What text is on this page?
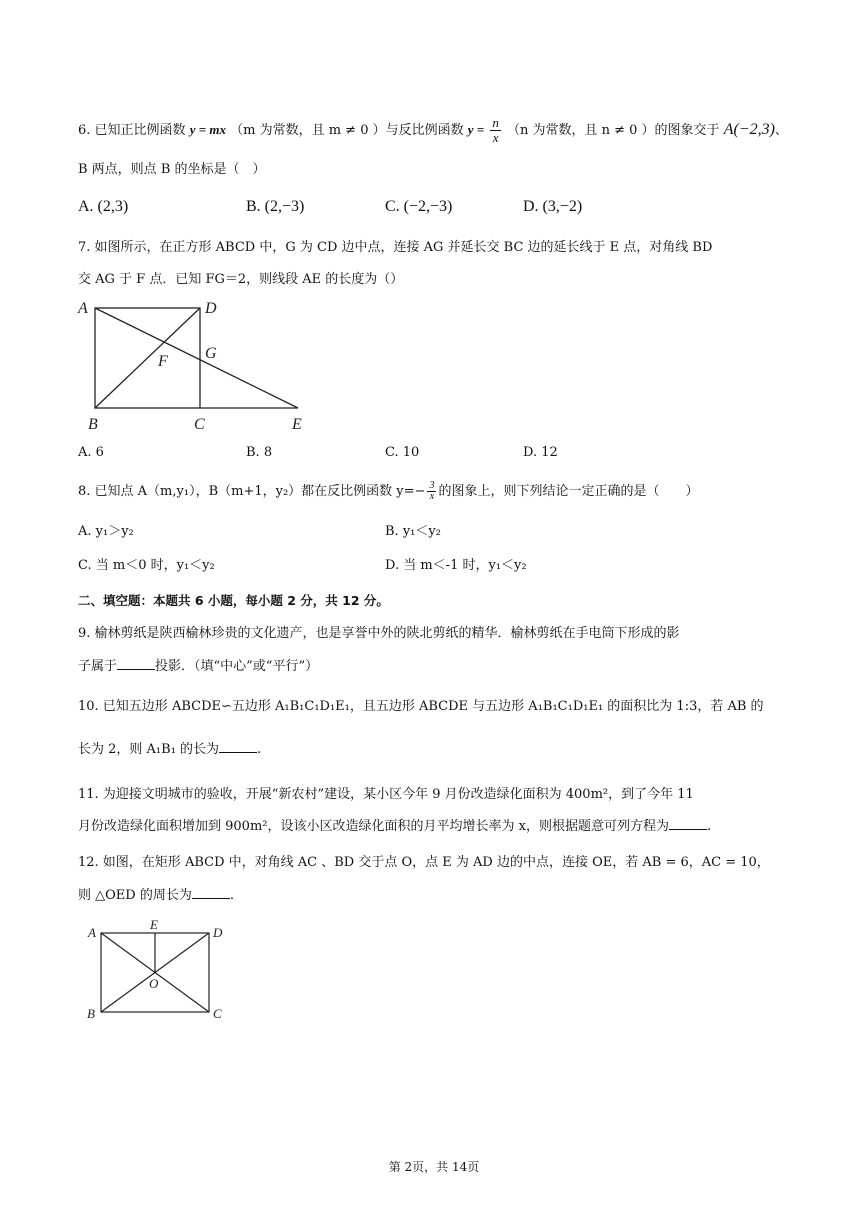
6. 已知正比例函数 y = mx （m 为常数，且 m ≠ 0 ）与反比例函数 $y = \frac{n}{x} (n$ 为常数，且 n ≠ 0 ）的图象交于 A(−2,3)、
B 两点，则点 B 的坐标是（　）
A. (2,3)	B. (2,−3)	C. (−2,−3)	D. (3,−2)
7. 如图所示，在正方形 ABCD 中，G 为 CD 边中点，连接 AG 并延长交 BC 边的延长线于 E 点，对角线 BD
交 AG 于 F 点．已知 FG＝2，则线段 AE 的长度为（）
A	D
F G
B	C	E
A. 6	B. 8	C. 10	D. 12
8. 已知点 A（m,y₁），B（m+1，y₂）都在反比例函数 $y=- \frac{3}{x}$ 的图象上，则下列结论一定正确的是（　　）
A. y₁＞y₂	B. y₁＜y₂
C. 当 m＜0 时，y₁＜y₂	D. 当 m＜-1 时，y₁＜y₂
二、填空题：本题共 6 小题，每小题 2 分，共 12 分。
9. 榆林剪纸是陕西榆林珍贵的文化遗产，也是享誉中外的陕北剪纸的精华．榆林剪纸在手电筒下形成的影
子属于	投影．（填“中心”或“平行”）
10. 已知五边形 ABCDE∽五边形 A₁B₁C₁D₁E₁，且五边形 ABCDE 与五边形 A₁B₁C₁D₁E₁ 的面积比为 1:3，若 AB 的
长为 2，则 A₁B₁ 的长为	.
11. 为迎接文明城市的验收，开展“新农村”建设，某小区今年 9 月份改造绿化面积为 400m²，到了今年 11
月份改造绿化面积增加到 900m²，设该小区改造绿化面积的月平均增长率为 x，则根据题意可列方程为	.
12. 如图，在矩形 ABCD 中，对角线 AC 、BD 交于点 O，点 E 为 AD 边的中点，连接 OE，若 AB = 6，AC = 10，
则 △OED 的周长为	.
A
E
D
O
B	C
第 2页，共 14页
